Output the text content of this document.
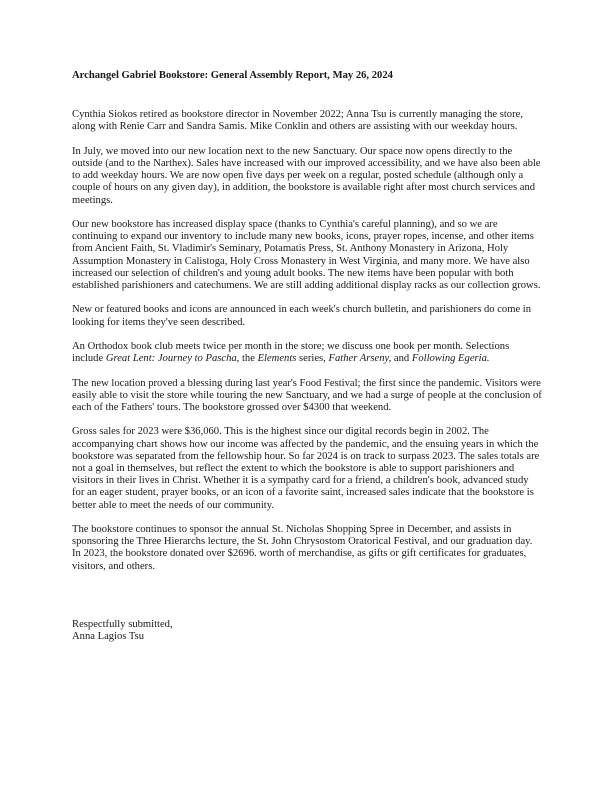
Archangel Gabriel Bookstore: General Assembly Report, May 26, 2024

Cynthia Siokos retired as bookstore director in November 2022; Anna Tsu is currently managing the store, along with Renie Carr and Sandra Samis. Mike Conklin and others are assisting with our weekday hours.

In July, we moved into our new location next to the new Sanctuary. Our space now opens directly to the outside (and to the Narthex). Sales have increased with our improved accessibility, and we have also been able to add weekday hours. We are now open five days per week on a regular, posted schedule (although only a couple of hours on any given day), in addition, the bookstore is available right after most church services and meetings.

Our new bookstore has increased display space (thanks to Cynthia's careful planning), and so we are continuing to expand our inventory to include many new books, icons, prayer ropes, incense, and other items from Ancient Faith, St. Vladimir's Seminary, Potamatis Press, St. Anthony Monastery in Arizona, Holy Assumption Monastery in Calistoga, Holy Cross Monastery in West Virginia, and many more. We have also increased our selection of children's and young adult books. The new items have been popular with both established parishioners and catechumens. We are still adding additional display racks as our collection grows.

New or featured books and icons are announced in each week's church bulletin, and parishioners do come in looking for items they've seen described.

An Orthodox book club meets twice per month in the store; we discuss one book per month. Selections include Great Lent: Journey to Pascha, the Elements series, Father Arseny, and Following Egeria.

The new location proved a blessing during last year's Food Festival; the first since the pandemic. Visitors were easily able to visit the store while touring the new Sanctuary, and we had a surge of people at the conclusion of each of the Fathers' tours. The bookstore grossed over $4300 that weekend.

Gross sales for 2023 were $36,060. This is the highest since our digital records begin in 2002. The accompanying chart shows how our income was affected by the pandemic, and the ensuing years in which the bookstore was separated from the fellowship hour. So far 2024 is on track to surpass 2023. The sales totals are not a goal in themselves, but reflect the extent to which the bookstore is able to support parishioners and visitors in their lives in Christ. Whether it is a sympathy card for a friend, a children's book, advanced study for an eager student, prayer books, or an icon of a favorite saint, increased sales indicate that the bookstore is better able to meet the needs of our community.

The bookstore continues to sponsor the annual St. Nicholas Shopping Spree in December, and assists in sponsoring the Three Hierarchs lecture, the St. John Chrysostom Oratorical Festival, and our graduation day. In 2023, the bookstore donated over $2696. worth of merchandise, as gifts or gift certificates for graduates, visitors, and others.

Respectfully submitted,
Anna Lagios Tsu
